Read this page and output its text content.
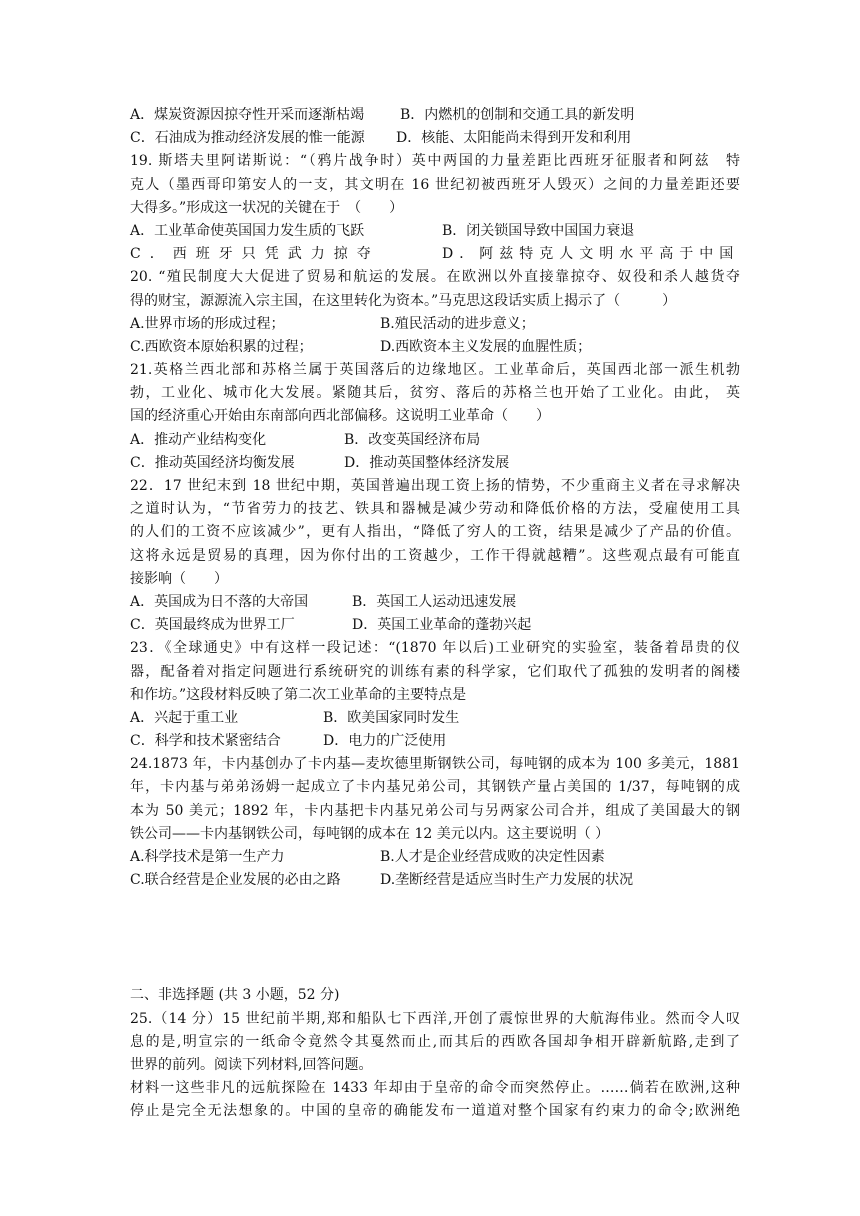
A．煤炭资源因掠夺性开采而逐渐枯竭	B．内燃机的创制和交通工具的新发明
C．石油成为推动经济发展的惟一能源	D．核能、太阳能尚未得到开发和利用
19. 斯塔夫里阿诺斯说：“（鸦片战争时）英中两国的力量差距比西班牙征服者和阿兹　特
克人（墨西哥印第安人的一支，其文明在 16 世纪初被西班牙人毁灭）之间的力量差距还要
大得多。”形成这一状况的关键在于　（　　）
A．工业革命使英国国力发生质的飞跃	B．闭关锁国导致中国国力衰退
C．西班牙只凭武力掠夺	D．阿兹特克人文明水平高于中国
20. “殖民制度大大促进了贸易和航运的发展。在欧洲以外直接靠掠夺、奴役和杀人越货夺
得的财宝，源源流入宗主国，在这里转化为资本。”马克思这段话实质上揭示了（　　　）
A.世界市场的形成过程；	B.殖民活动的进步意义；
C.西欧资本原始积累的过程；	D.西欧资本主义发展的血腥性质；
21.英格兰西北部和苏格兰属于英国落后的边缘地区。工业革命后，英国西北部一派生机勃
勃，工业化、城市化大发展。紧随其后，贫穷、落后的苏格兰也开始了工业化。由此， 英
国的经济重心开始由东南部向西北部偏移。这说明工业革命（　　）
A．推动产业结构变化	B．改变英国经济布局
C．推动英国经济均衡发展	D．推动英国整体经济发展
22．17 世纪末到 18 世纪中期，英国普遍出现工资上扬的情势，不少重商主义者在寻求解决
之道时认为，“节省劳力的技艺、铁具和器械是减少劳动和降低价格的方法，受雇使用工具
的人们的工资不应该减少”，更有人指出，“降低了穷人的工资，结果是减少了产品的价值。
这将永远是贸易的真理，因为你付出的工资越少，工作干得就越糟”。这些观点最有可能直
接影响（　　）
A．英国成为日不落的大帝国	B．英国工人运动迅速发展
C．英国最终成为世界工厂	D．英国工业革命的蓬勃兴起
23．《全球通史》中有这样一段记述：“(1870 年以后)工业研究的实验室，装备着昂贵的仪
器，配备着对指定问题进行系统研究的训练有素的科学家，它们取代了孤独的发明者的阁楼
和作坊。”这段材料反映了第二次工业革命的主要特点是
A．兴起于重工业	B．欧美国家同时发生
C．科学和技术紧密结合	D．电力的广泛使用
24.1873 年，卡内基创办了卡内基—麦坎德里斯钢铁公司，每吨钢的成本为 100 多美元，1881
年，卡内基与弟弟汤姆一起成立了卡内基兄弟公司，其钢铁产量占美国的 1/37，每吨钢的成
本为 50 美元；1892 年，卡内基把卡内基兄弟公司与另两家公司合并，组成了美国最大的钢
铁公司——卡内基钢铁公司，每吨钢的成本在 12 美元以内。这主要说明（ ）
A.科学技术是第一生产力	B.人才是企业经营成败的决定性因素
C.联合经营是企业发展的必由之路	D.垄断经营是适应当时生产力发展的状况
二、非选择题 (共 3 小题，52 分)
25.（14 分）15 世纪前半期,郑和船队七下西洋,开创了震惊世界的大航海伟业。然而令人叹
息的是,明宣宗的一纸命令竟然令其戛然而止,而其后的西欧各国却争相开辟新航路,走到了
世界的前列。阅读下列材料,回答问题。
材料一这些非凡的远航探险在 1433 年却由于皇帝的命令而突然停止。……倘若在欧洲,这种
停止是完全无法想象的。中国的皇帝的确能发布一道道对整个国家有约束力的命令;欧洲绝
